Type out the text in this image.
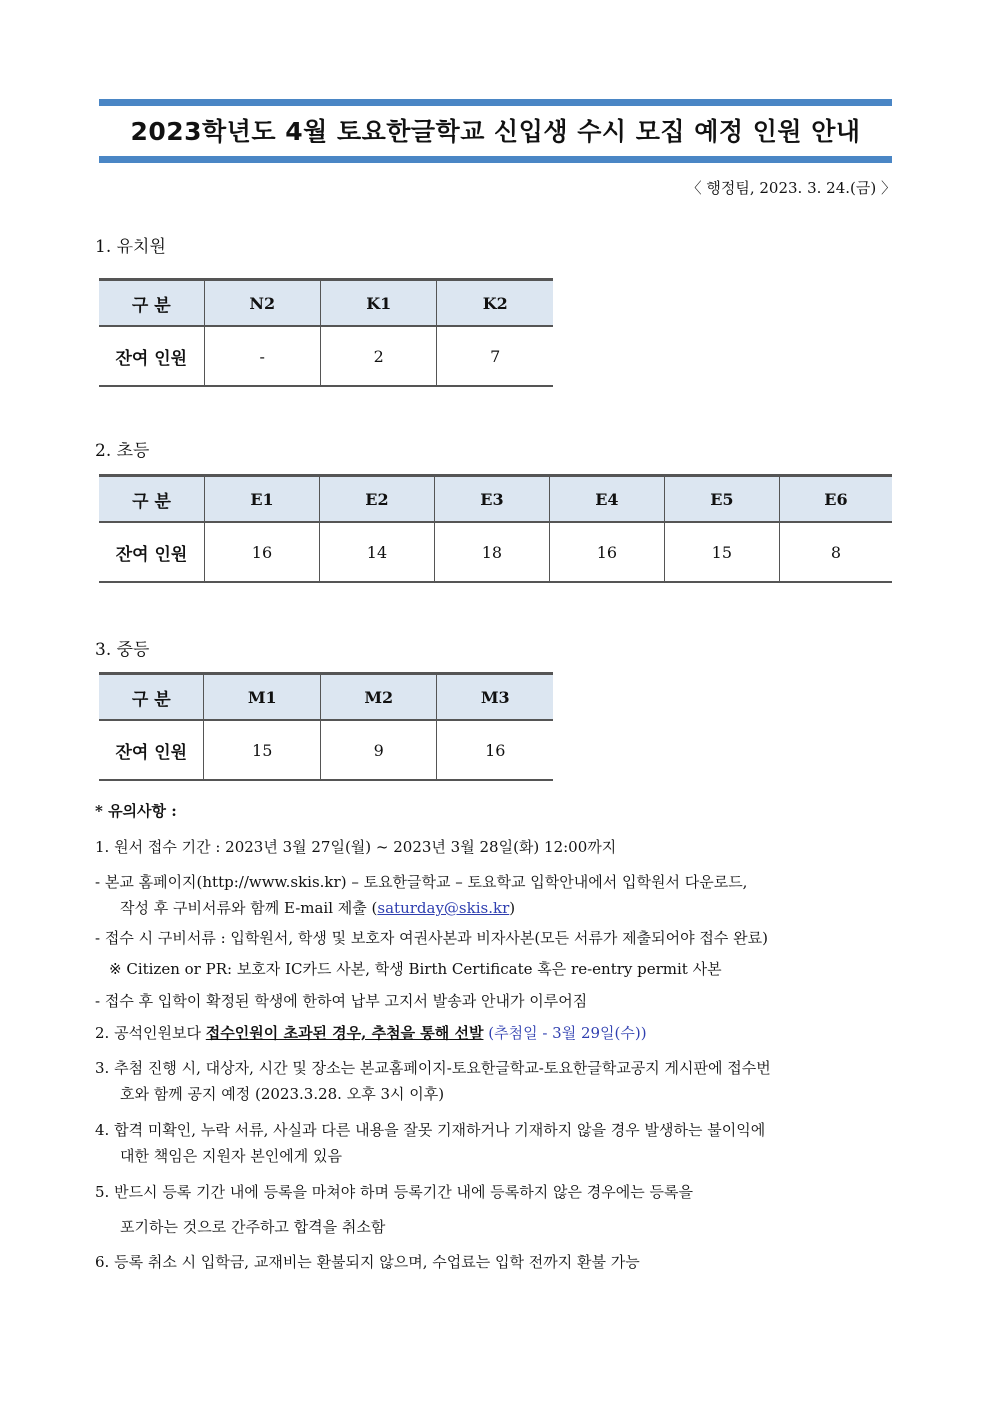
2023학년도 4월 토요한글학교 신입생 수시 모집 예정 인원 안내
〈 행정팀, 2023. 3. 24.(금) 〉
1. 유치원
구 분	N2	K1	K2
잔여 인원	-	2	7
2. 초등
구 분	E1	E2	E3	E4	E5	E6
잔여 인원	16	14	18	16	15	8
3. 중등
구 분	M1	M2	M3
잔여 인원	15	9	16
* 유의사항 :
1. 원서 접수 기간 : 2023년 3월 27일(월) ~ 2023년 3월 28일(화) 12:00까지
- 본교 홈페이지(http://www.skis.kr) – 토요한글학교 – 토요학교 입학안내에서 입학원서 다운로드,
작성 후 구비서류와 함께 E-mail 제출 (saturday@skis.kr)
- 접수 시 구비서류 : 입학원서, 학생 및 보호자 여권사본과 비자사본(모든 서류가 제출되어야 접수 완료)
※ Citizen or PR: 보호자 IC카드 사본, 학생 Birth Certificate 혹은 re-entry permit 사본
- 접수 후 입학이 확정된 학생에 한하여 납부 고지서 발송과 안내가 이루어짐
2. 공석인원보다 접수인원이 초과된 경우, 추첨을 통해 선발 (추첨일 - 3월 29일(수))
3. 추첨 진행 시, 대상자, 시간 및 장소는 본교홈페이지-토요한글학교-토요한글학교공지 게시판에 접수번
호와 함께 공지 예정 (2023.3.28. 오후 3시 이후)
4. 합격 미확인, 누락 서류, 사실과 다른 내용을 잘못 기재하거나 기재하지 않을 경우 발생하는 불이익에
대한 책임은 지원자 본인에게 있음
5. 반드시 등록 기간 내에 등록을 마쳐야 하며 등록기간 내에 등록하지 않은 경우에는 등록을
포기하는 것으로 간주하고 합격을 취소함
6. 등록 취소 시 입학금, 교재비는 환불되지 않으며, 수업료는 입학 전까지 환불 가능
